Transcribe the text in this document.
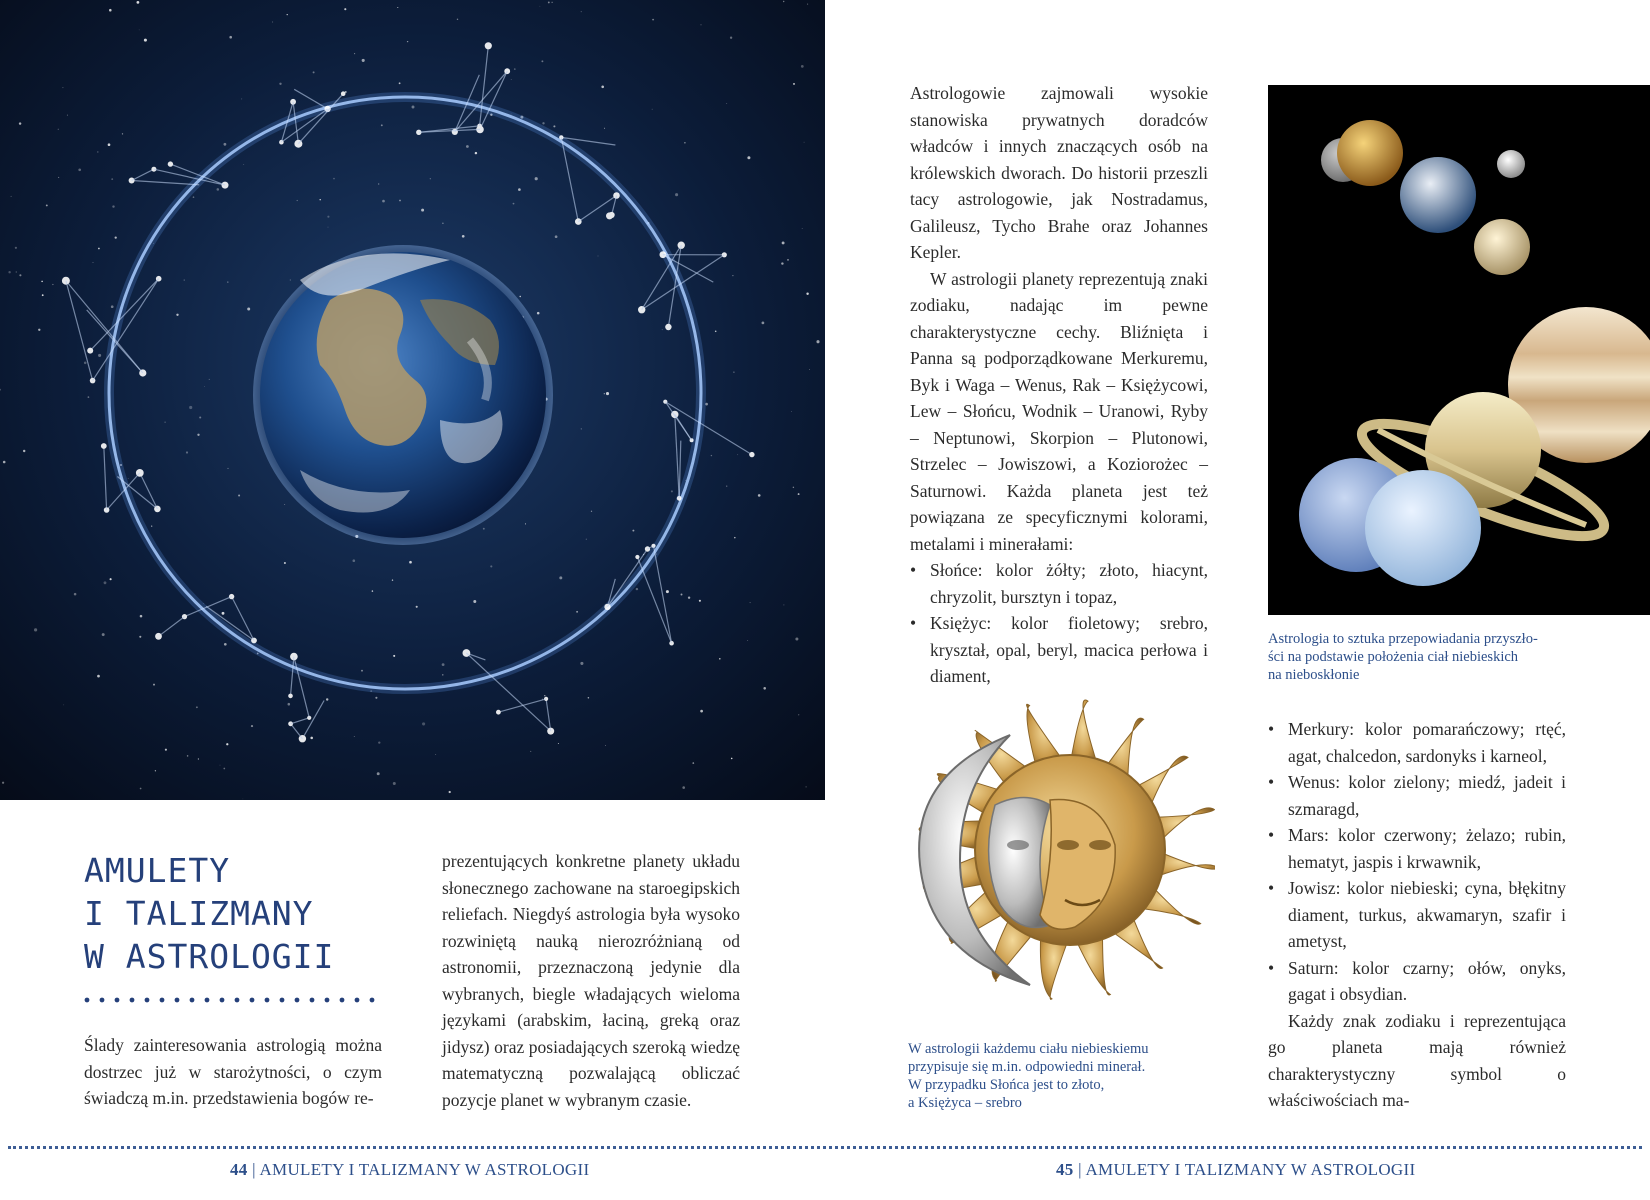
AMULETY
I TALIZMANY
W ASTROLOGII

Ślady zainteresowania astrologią można dostrzec już w starożytności, o czym świadczą m.in. przedstawienia bogów re-

prezentujących konkretne planety układu słonecznego zachowane na staroegipskich reliefach. Niegdyś astrologia była wysoko rozwiniętą nauką nierozróżnianą od astronomii, przeznaczoną jedynie dla wybranych, biegle władających wieloma językami (arabskim, łaciną, greką oraz jidysz) oraz posiadających szeroką wiedzę matematyczną pozwalającą obliczać pozycje planet w wybranym czasie.

Astrologowie zajmowali wysokie stanowiska prywatnych doradców władców i innych znaczących osób na królewskich dworach. Do historii przeszli tacy astrologowie, jak Nostradamus, Galileusz, Tycho Brahe oraz Johannes Kepler.

W astrologii planety reprezentują znaki zodiaku, nadając im pewne charakterystyczne cechy. Bliźnięta i Panna są podporządkowane Merkuremu, Byk i Waga – Wenus, Rak – Księżycowi, Lew – Słońcu, Wodnik – Uranowi, Ryby – Neptunowi, Skorpion – Plutonowi, Strzelec – Jowiszowi, a Koziorożec – Saturnowi. Każda planeta jest też powiązana ze specyficznymi kolorami, metalami i minerałami:

• Słońce: kolor żółty; złoto, hiacynt, chryzolit, bursztyn i topaz,
• Księżyc: kolor fioletowy; srebro, kryształ, opal, beryl, macica perłowa i diament,
Astrologia to sztuka przepowiadania przyszło-
ści na podstawie położenia ciał niebieskich
na nieboskłonie
W astrologii każdemu ciału niebieskiemu
przypisuje się m.in. odpowiedni minerał.
W przypadku Słońca jest to złoto,
a Księżyca – srebro
• Merkury: kolor pomarańczowy; rtęć, agat, chalcedon, sardonyks i karneol,
• Wenus: kolor zielony; miedź, jadeit i szmaragd,
• Mars: kolor czerwony; żelazo; rubin, hematyt, jaspis i krwawnik,
• Jowisz: kolor niebieski; cyna, błękitny diament, turkus, akwamaryn, szafir i ametyst,
• Saturn: kolor czarny; ołów, onyks, gagat i obsydian.

Każdy znak zodiaku i reprezentująca go planeta mają również charakterystyczny symbol o właściwościach ma-

44 | AMULETY I TALIZMANY W ASTROLOGII	45 | AMULETY I TALIZMANY W ASTROLOGII
